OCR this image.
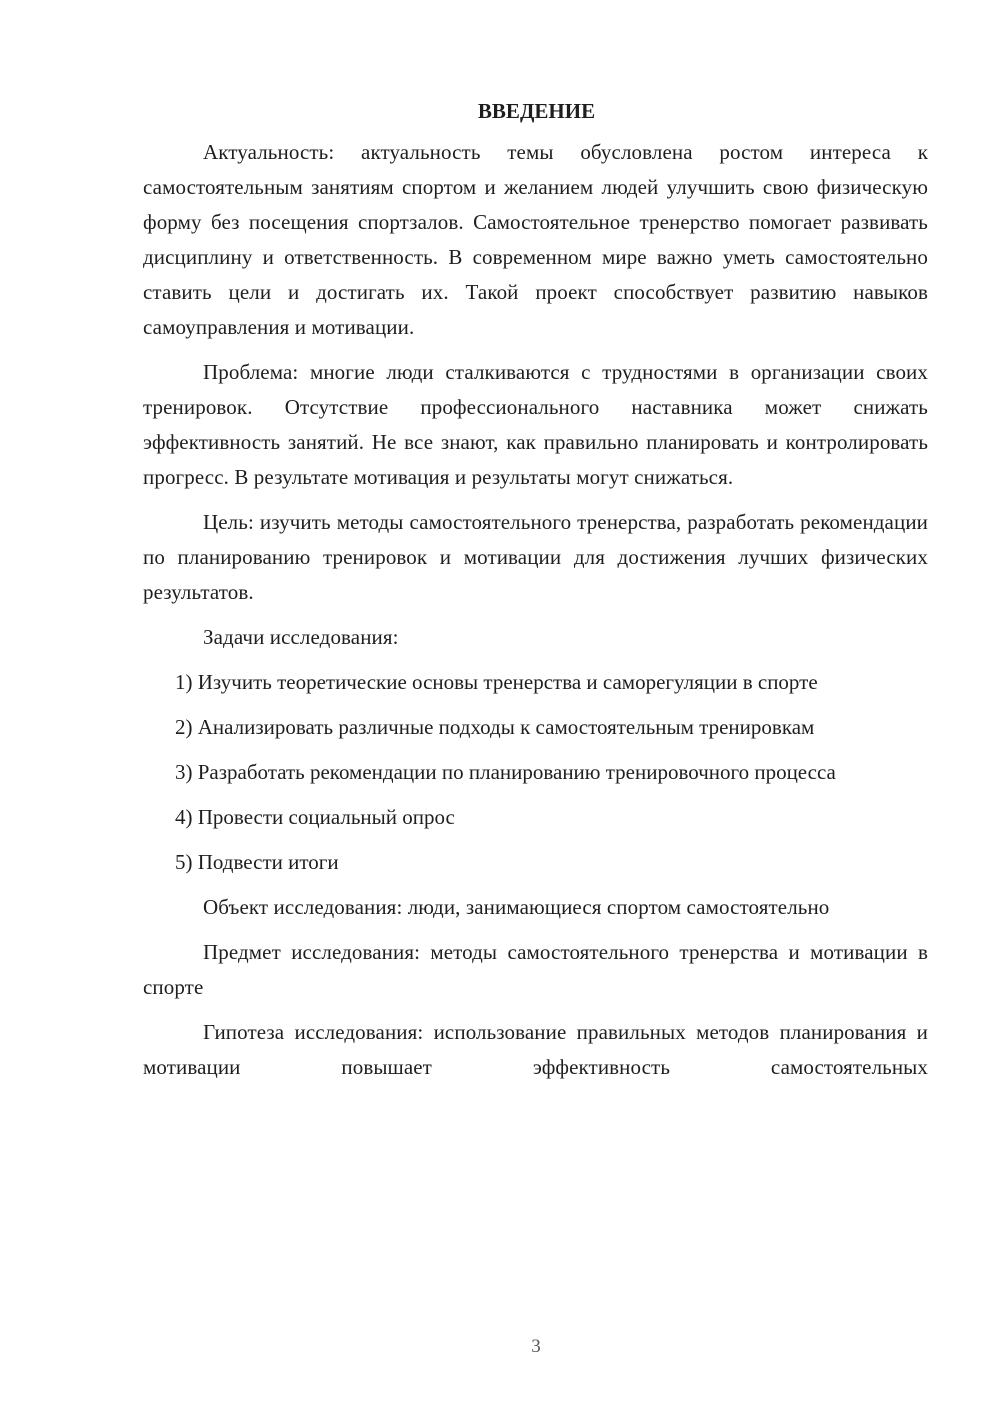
ВВЕДЕНИЕ

Актуальность: актуальность темы обусловлена ростом интереса к самостоятельным занятиям спортом и желанием людей улучшить свою физическую форму без посещения спортзалов. Самостоятельное тренерство помогает развивать дисциплину и ответственность. В современном мире важно уметь самостоятельно ставить цели и достигать их. Такой проект способствует развитию навыков самоуправления и мотивации.

Проблема: многие люди сталкиваются с трудностями в организации своих тренировок. Отсутствие профессионального наставника может снижать эффективность занятий. Не все знают, как правильно планировать и контролировать прогресс. В результате мотивация и результаты могут снижаться.

Цель: изучить методы самостоятельного тренерства, разработать рекомендации по планированию тренировок и мотивации для достижения лучших физических результатов.

Задачи исследования:

1) Изучить теоретические основы тренерства и саморегуляции в спорте

2) Анализировать различные подходы к самостоятельным тренировкам

3) Разработать рекомендации по планированию тренировочного процесса

4) Провести социальный опрос

5) Подвести итоги

Объект исследования: люди, занимающиеся спортом самостоятельно

Предмет исследования: методы самостоятельного тренерства и мотивации в спорте

Гипотеза исследования: использование правильных методов планирования и мотивации повышает эффективность самостоятельных

3
